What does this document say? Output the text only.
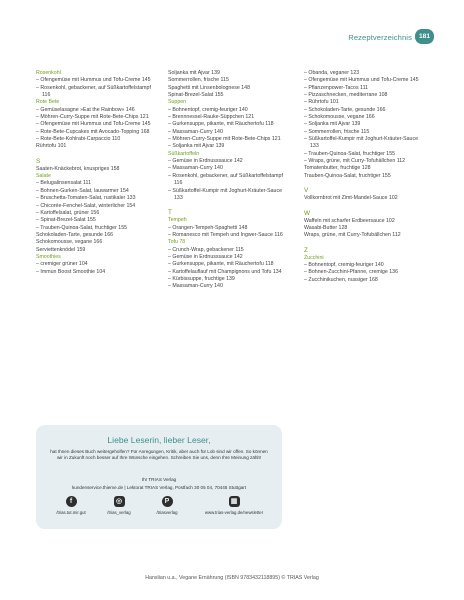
Rezeptverzeichnis	181
Rosenkohl
– Ofengemüse mit Hummus und Tofu-Creme 145
– Rosenkohl, gebackener, auf Süßkartoffelstampf 116
Rote Bete
– Gemüselasagne »Eat the Rainbow« 146
– Möhren-Curry-Suppe mit Rote-Bete-Chips 121
– Ofengemüse mit Hummus und Tofu-Creme 145
– Rote-Bete-Cupcakes mit Avocado-Topping 168
– Rote-Bete-Kohlrabi-Carpaccio 110
Rührtofu 101
S
Saaten-Knäckebrot, knuspriges 158
Salate
– Belugalinsensalat 111
– Bohnen-Gurken-Salat, lauwarmer 154
– Bruschetta-Tomaten-Salat, rustikaler 133
– Chicorée-Fenchel-Salat, winterlicher 154
– Kartoffelsalat, grüner 156
– Spinat-Brezel-Salat 155
– Trauben-Quinoa-Salat, fruchtiger 155
Schokoladen-Tarte, gesunde 166
Schokomousse, vegane 166
Serviettenknödel 159
Smoothies
– cremiger grüner 104
– Immun Boost Smoothie 104
Soljanka mit Ajvar 139
Sommerrollen, frische 115
Spaghetti mit Linsenbolognese 148
Spinat-Brezel-Salat 155
Suppen
– Bohnentopf, cremig-feuriger 140
– Brennnessel-Rauke-Süppchen 121
– Gurkensuppe, pikante, mit Räuchertofu 118
– Massaman-Curry 140
– Möhren-Curry-Suppe mit Rote-Bete-Chips 121
– Soljanka mit Ajvar 139
Süßkartoffeln
– Gemüse in Erdnusssauce 142
– Massaman-Curry 140
– Rosenkohl, gebackener, auf Süßkartoffelstampf 116
– Süßkartoffel-Kumpir mit Joghurt-Kräuter-Sauce 133
T
Tempeh
– Orangen-Tempeh-Spaghetti 148
– Romanesco mit Tempeh und Ingwer-Sauce 116
Tofu 78
– Crunch-Wrap, gebackener 115
– Gemüse in Erdnusssauce 142
– Gurkensuppe, pikante, mit Räuchertofu 118
– Kartoffelauflauf mit Champignons und Tofu 134
– Kürbissuppe, fruchtige 139
– Massaman-Curry 140
– Obanda, veganer 123
– Ofengemüse mit Hummus und Tofu-Creme 145
– Pflanzenpower-Tacos 111
– Pizzaschnecken, mediterrane 108
– Rührtofu 101
– Schokoladen-Tarte, gesunde 166
– Schokomousse, vegane 166
– Soljanka mit Ajvar 139
– Sommerrollen, frische 115
– Süßkartoffel-Kumpir mit Joghurt-Kräuter-Sauce 133
– Trauben-Quinoa-Salat, fruchtiger 155
– Wraps, grüne, mit Curry-Tofuhällchen 112
Tomatenbutter, fruchtige 128
Trauben-Quinoa-Salat, fruchtiger 155
V
Vollkornbrot mit Zimt-Mandel-Sauce 102
W
Waffeln mit scharfer Erdbeersauce 102
Wasabi-Butter 128
Wraps, grüne, mit Curry-Tofubällchen 112
Z
Zucchini
– Bohnentopf, cremig-feuriger 140
– Bohnen-Zucchini-Pfanne, cremige 136
– Zucchinikuchen, nussiger 168
Liebe Leserin, lieber Leser,
hat Ihnen dieses Buch weitergeholfen? Für Anregungen, Kritik, aber auch für Lob sind wir offen. So können wir in Zukunft noch besser auf Ihre Wünsche eingehen. Schreiben Sie uns, denn Ihre Meinung zählt!
Ihr TRIAS Verlag
kundenservice.thieme.de | Lektorat TRIAS Verlag, Postfach 30 05 04, 70445 Stuttgart
f
/trias.tut.mir.gut
◎
/trias_verlag
P
/triasverlag
▦
www.trias-verlag.de/newsletter
Hanslian u.a., Vegane Ernährung (ISBN 9783432118895) © TRIAS Verlag
